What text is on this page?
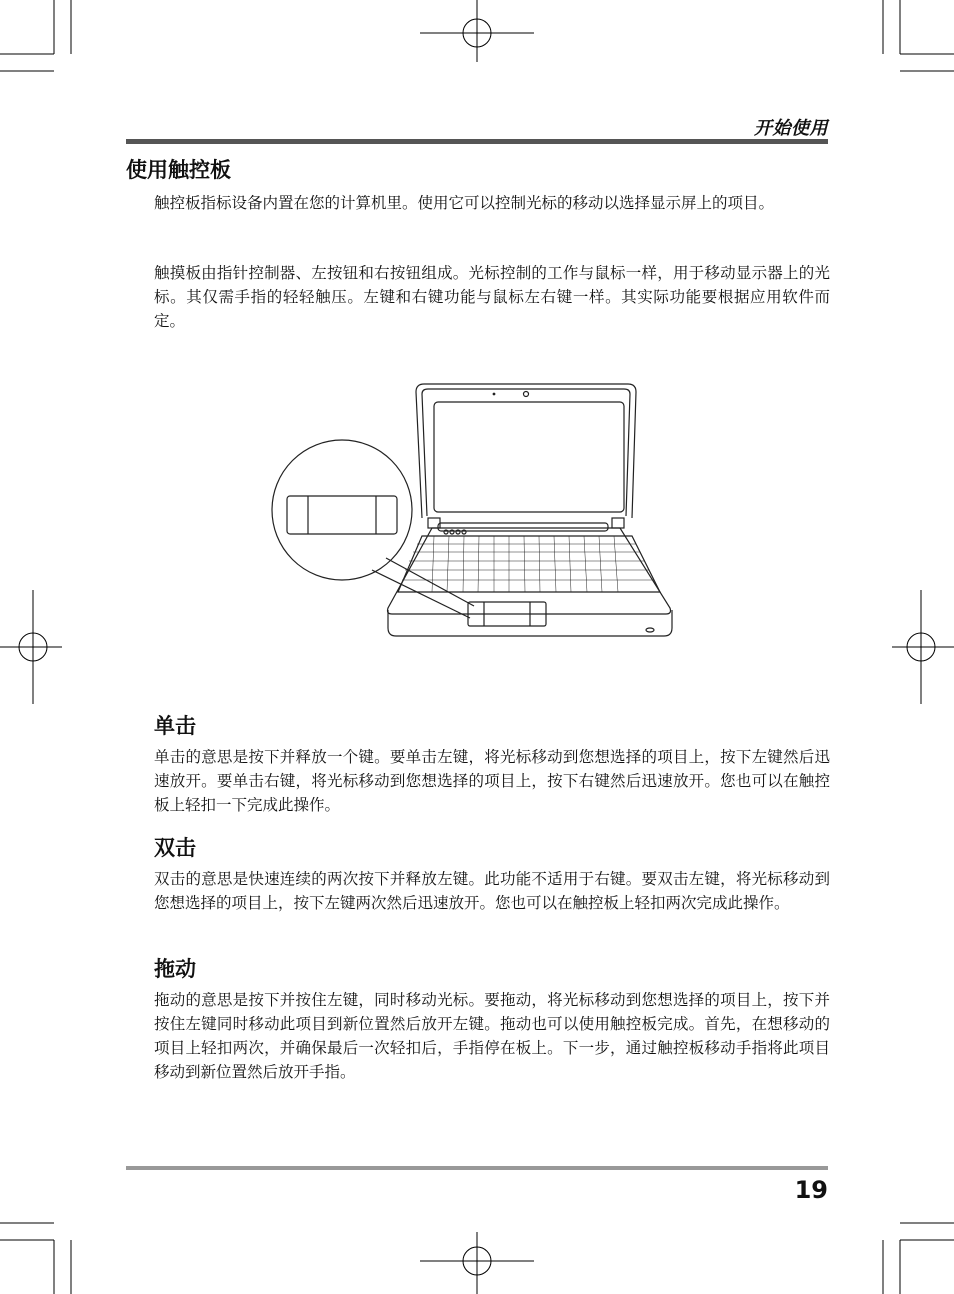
开始使用
使用触控板

触控板指标设备内置在您的计算机里。使用它可以控制光标的移动以选择显示屏上的项目。

触摸板由指针控制器、左按钮和右按钮组成。光标控制的工作与鼠标一样，用于移动显示器上的光标。其仅需手指的轻轻触压。左键和右键功能与鼠标左右键一样。其实际功能要根据应用软件而定。

单击

单击的意思是按下并释放一个键。要单击左键，将光标移动到您想选择的项目上，按下左键然后迅速放开。要单击右键，将光标移动到您想选择的项目上，按下右键然后迅速放开。您也可以在触控板上轻扣一下完成此操作。

双击

双击的意思是快速连续的两次按下并释放左键。此功能不适用于右键。要双击左键，将光标移动到您想选择的项目上，按下左键两次然后迅速放开。您也可以在触控板上轻扣两次完成此操作。

拖动

拖动的意思是按下并按住左键，同时移动光标。要拖动，将光标移动到您想选择的项目上，按下并按住左键同时移动此项目到新位置然后放开左键。拖动也可以使用触控板完成。首先，在想移动的项目上轻扣两次，并确保最后一次轻扣后，手指停在板上。下一步，通过触控板移动手指将此项目移动到新位置然后放开手指。

19
